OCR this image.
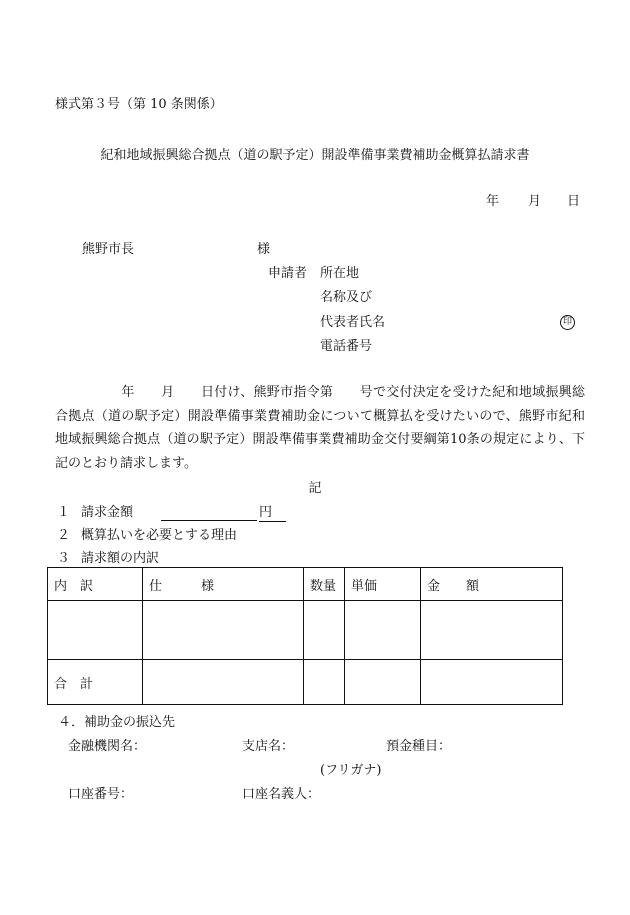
様式第３号（第 10 条関係）
紀和地域振興総合拠点（道の駅予定）開設準備事業費補助金概算払請求書
年 月 日
熊野市長	様
申請者 所在地
名称及び
代表者氏名	印
電話番号
　　　　　年　　月　　日付け、熊野市指令第　　号で交付決定を受けた紀和地域振興総合拠点（道の駅予定）開設準備事業費補助金について概算払を受けたいので、熊野市紀和地域振興総合拠点（道の駅予定）開設準備事業費補助金交付要綱第10条の規定により、下記のとおり請求します。
記
１ 請求金額	円
２ 概算払いを必要とする理由
３ 請求額の内訳
内　訳	仕　　　様	数量	単価	金　　額

合　計				
４．補助金の振込先
金融機関名：	支店名：	預金種目：
(フリガナ)
口座番号：	口座名義人：
